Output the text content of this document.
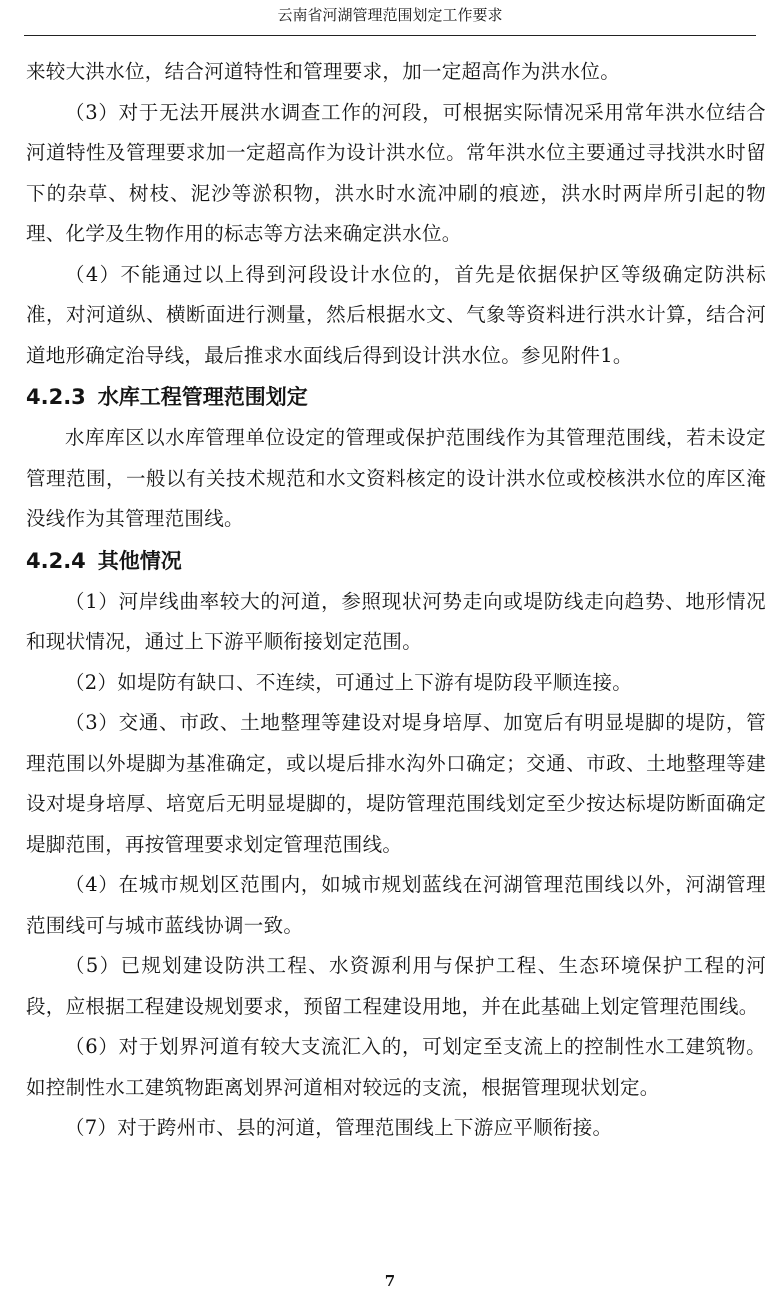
云南省河湖管理范围划定工作要求

来较大洪水位，结合河道特性和管理要求，加一定超高作为洪水位。

（3）对于无法开展洪水调查工作的河段，可根据实际情况采用常年洪水位结合河道特性及管理要求加一定超高作为设计洪水位。常年洪水位主要通过寻找洪水时留下的杂草、树枝、泥沙等淤积物，洪水时水流冲刷的痕迹，洪水时两岸所引起的物理、化学及生物作用的标志等方法来确定洪水位。

（4）不能通过以上得到河段设计水位的，首先是依据保护区等级确定防洪标准，对河道纵、横断面进行测量，然后根据水文、气象等资料进行洪水计算，结合河道地形确定治导线，最后推求水面线后得到设计洪水位。参见附件1。

4.2.3 水库工程管理范围划定

水库库区以水库管理单位设定的管理或保护范围线作为其管理范围线，若未设定管理范围，一般以有关技术规范和水文资料核定的设计洪水位或校核洪水位的库区淹没线作为其管理范围线。

4.2.4 其他情况

（1）河岸线曲率较大的河道，参照现状河势走向或堤防线走向趋势、地形情况和现状情况，通过上下游平顺衔接划定范围。

（2）如堤防有缺口、不连续，可通过上下游有堤防段平顺连接。

（3）交通、市政、土地整理等建设对堤身培厚、加宽后有明显堤脚的堤防，管理范围以外堤脚为基准确定，或以堤后排水沟外口确定；交通、市政、土地整理等建设对堤身培厚、培宽后无明显堤脚的，堤防管理范围线划定至少按达标堤防断面确定堤脚范围，再按管理要求划定管理范围线。

（4）在城市规划区范围内，如城市规划蓝线在河湖管理范围线以外，河湖管理范围线可与城市蓝线协调一致。

（5）已规划建设防洪工程、水资源利用与保护工程、生态环境保护工程的河段，应根据工程建设规划要求，预留工程建设用地，并在此基础上划定管理范围线。

（6）对于划界河道有较大支流汇入的，可划定至支流上的控制性水工建筑物。如控制性水工建筑物距离划界河道相对较远的支流，根据管理现状划定。

（7）对于跨州市、县的河道，管理范围线上下游应平顺衔接。

7
